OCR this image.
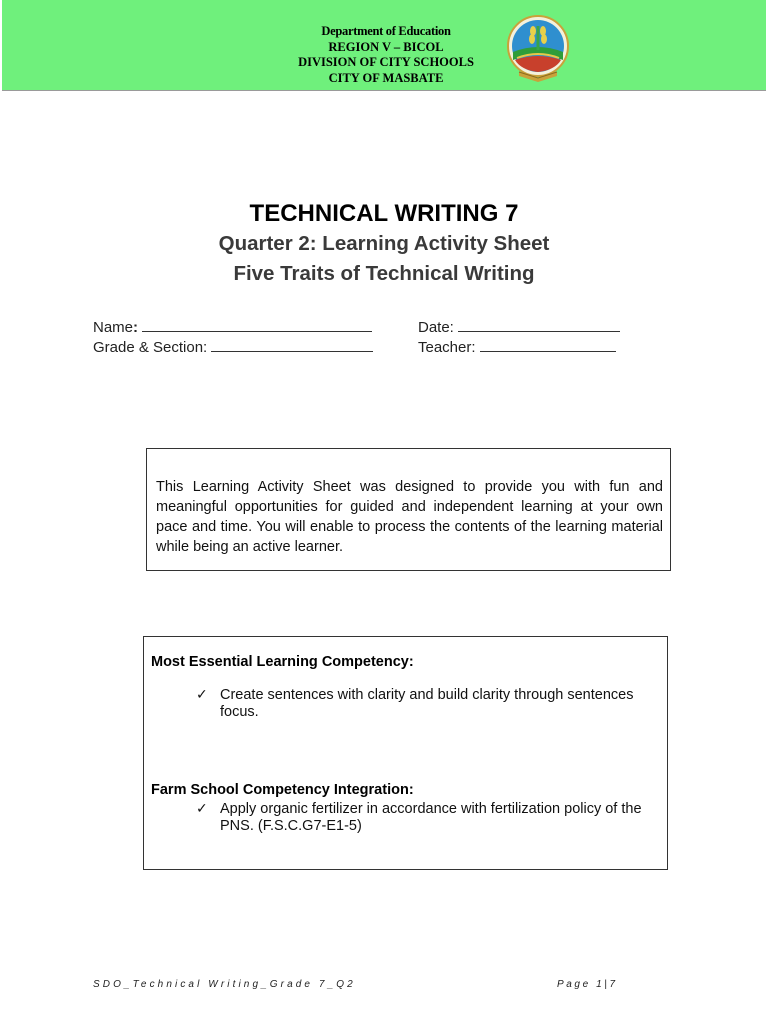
Department of Education
REGION V – BICOL
DIVISION OF CITY SCHOOLS
CITY OF MASBATE
TECHNICAL WRITING 7
Quarter 2: Learning Activity Sheet
Five Traits of Technical Writing
Name:	Date:
Grade & Section:	Teacher:

This Learning Activity Sheet was designed to provide you with fun and meaningful opportunities for guided and independent learning at your own pace and time. You will enable to process the contents of the learning material while being an active learner.

Most Essential Learning Competency:
✓ Create sentences with clarity and build clarity through sentences focus.
Farm School Competency Integration:
✓ Apply organic fertilizer in accordance with fertilization policy of the PNS. (F.S.C.G7-E1-5)
SDO_Technical Writing_Grade 7_Q2	Page 1|7
